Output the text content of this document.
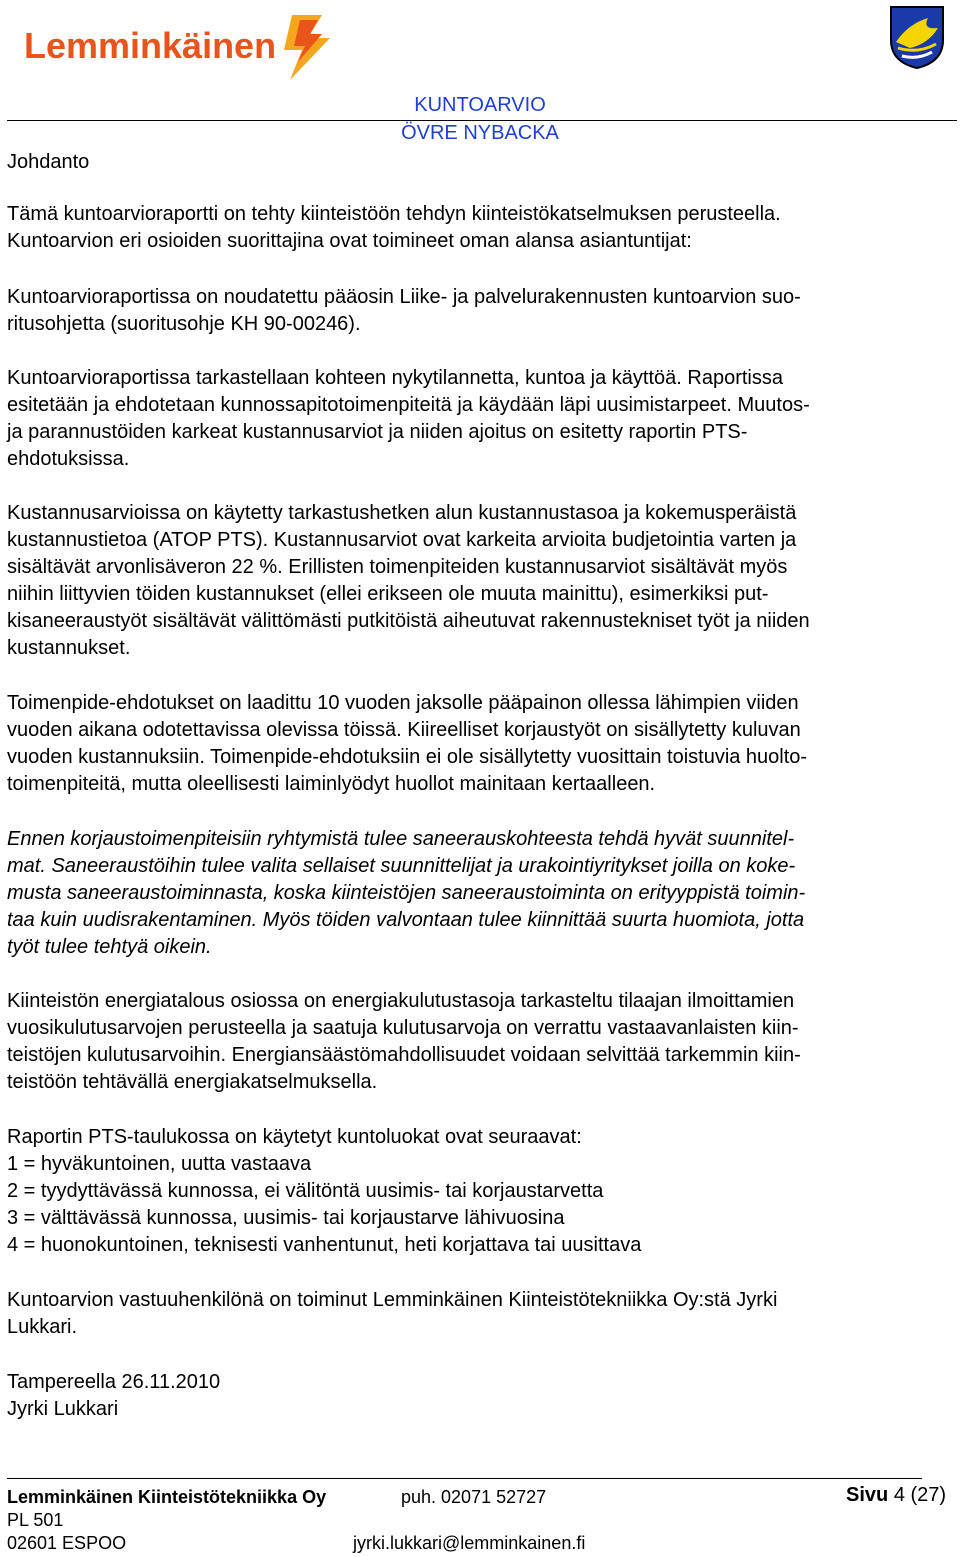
Lemminkäinen
KUNTOARVIO
ÖVRE NYBACKA
Johdanto

Tämä kuntoarvioraportti on tehty kiinteistöön tehdyn kiinteistökatselmuksen perusteella.

Kuntoarvion eri osioiden suorittajina ovat toimineet oman alansa asiantuntijat:

Kuntoarvioraportissa on noudatettu pääosin Liike- ja palvelurakennusten kuntoarvion suo-

ritusohjetta (suoritusohje KH 90-00246).

Kuntoarvioraportissa tarkastellaan kohteen nykytilannetta, kuntoa ja käyttöä. Raportissa

esitetään ja ehdotetaan kunnossapitotoimenpiteitä ja käydään läpi uusimistarpeet. Muutos-

ja parannustöiden karkeat kustannusarviot ja niiden ajoitus on esitetty raportin PTS-

ehdotuksissa.

Kustannusarvioissa on käytetty tarkastushetken alun kustannustasoa ja kokemusperäistä

kustannustietoa (ATOP PTS). Kustannusarviot ovat karkeita arvioita budjetointia varten ja

sisältävät arvonlisäveron 22 %. Erillisten toimenpiteiden kustannusarviot sisältävät myös

niihin liittyvien töiden kustannukset (ellei erikseen ole muuta mainittu), esimerkiksi put-

kisaneeraustyöt sisältävät välittömästi putkitöistä aiheutuvat rakennustekniset työt ja niiden

kustannukset.

Toimenpide-ehdotukset on laadittu 10 vuoden jaksolle pääpainon ollessa lähimpien viiden

vuoden aikana odotettavissa olevissa töissä. Kiireelliset korjaustyöt on sisällytetty kuluvan

vuoden kustannuksiin. Toimenpide-ehdotuksiin ei ole sisällytetty vuosittain toistuvia huolto-

toimenpiteitä, mutta oleellisesti laiminlyödyt huollot mainitaan kertaalleen.

Ennen korjaustoimenpiteisiin ryhtymistä tulee saneerauskohteesta tehdä hyvät suunnitel-

mat. Saneeraustöihin tulee valita sellaiset suunnittelijat ja urakointiyritykset joilla on koke-

musta saneeraustoiminnasta, koska kiinteistöjen saneeraustoiminta on erityyppistä toimin-

taa kuin uudisrakentaminen. Myös töiden valvontaan tulee kiinnittää suurta huomiota, jotta

työt tulee tehtyä oikein.

Kiinteistön energiatalous osiossa on energiakulutustasoja tarkasteltu tilaajan ilmoittamien

vuosikulutusarvojen perusteella ja saatuja kulutusarvoja on verrattu vastaavanlaisten kiin-

teistöjen kulutusarvoihin. Energiansäästömahdollisuudet voidaan selvittää tarkemmin kiin-

teistöön tehtävällä energiakatselmuksella.

Raportin PTS-taulukossa on käytetyt kuntoluokat ovat seuraavat:

1 = hyväkuntoinen, uutta vastaava

2 = tyydyttävässä kunnossa, ei välitöntä uusimis- tai korjaustarvetta

3 = välttävässä kunnossa, uusimis- tai korjaustarve lähivuosina

4 = huonokuntoinen, teknisesti vanhentunut, heti korjattava tai uusittava

Kuntoarvion vastuuhenkilönä on toiminut Lemminkäinen Kiinteistötekniikka Oy:stä Jyrki

Lukkari.

Tampereella 26.11.2010

Jyrki Lukkari

Lemminkäinen Kiinteistötekniikka Oy	puh. 02071 52727	Sivu 4 (27)
PL 501
02601 ESPOO	jyrki.lukkari@lemminkainen.fi
